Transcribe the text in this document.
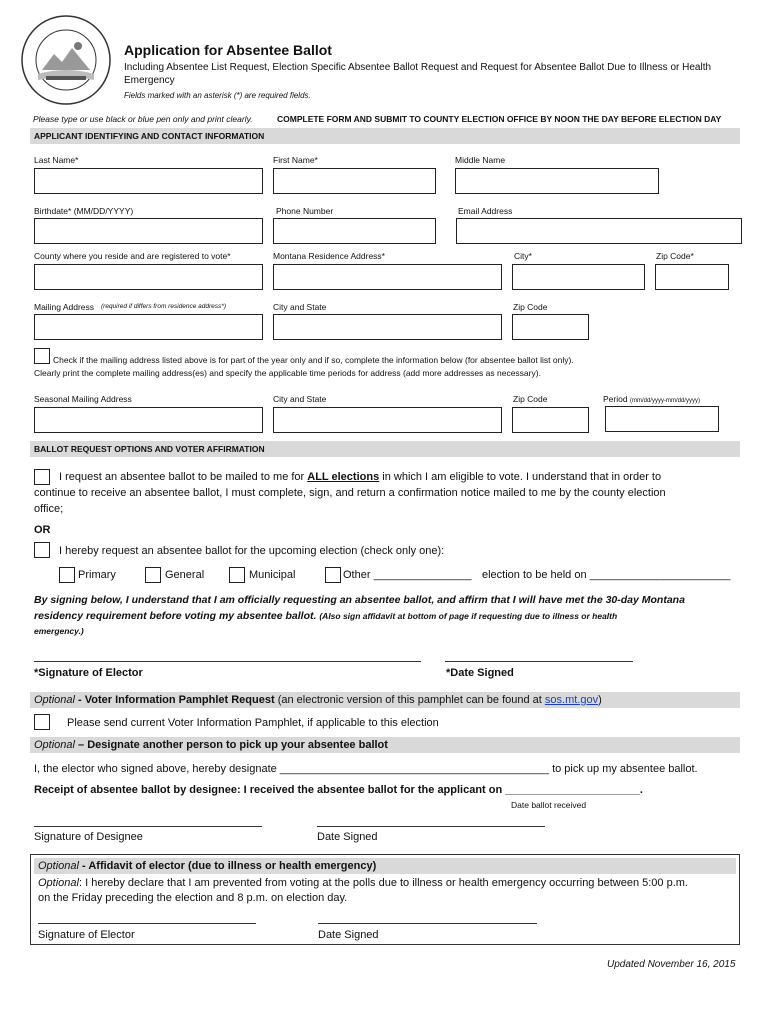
Application for Absentee Ballot
Including Absentee List Request, Election Specific Absentee Ballot Request and Request for Absentee Ballot Due to Illness or Health Emergency
Fields marked with an asterisk (*) are required fields.
Please type or use black or blue pen only and print clearly.	COMPLETE FORM AND SUBMIT TO COUNTY ELECTION OFFICE BY NOON THE DAY BEFORE ELECTION DAY
APPLICANT IDENTIFYING AND CONTACT INFORMATION
Last Name*	First Name*	Middle Name
Birthdate* (MM/DD/YYYY)	Phone Number	Email Address
County where you reside and are registered to vote*	Montana Residence Address*	City*	Zip Code*
Mailing Address (required if differs from residence address*)	City and State	Zip Code
Check if the mailing address listed above is for part of the year only and if so, complete the information below (for absentee ballot list only).
Clearly print the complete mailing address(es) and specify the applicable time periods for address (add more addresses as necessary).
Seasonal Mailing Address	City and State	Zip Code	Period (mm/dd/yyyy-mm/dd/yyyy)
BALLOT REQUEST OPTIONS AND VOTER AFFIRMATION
I request an absentee ballot to be mailed to me for ALL elections in which I am eligible to vote. I understand that in order to
continue to receive an absentee ballot, I must complete, sign, and return a confirmation notice mailed to me by the county election
office;
OR
I hereby request an absentee ballot for the upcoming election (check only one):
Primary	General	Municipal	Other ________________ election to be held on _______________________
By signing below, I understand that I am officially requesting an absentee ballot, and affirm that I will have met the 30-day Montana
residency requirement before voting my absentee ballot. (Also sign affidavit at bottom of page if requesting due to illness or health
emergency.)
*Signature of Elector	*Date Signed
Optional - Voter Information Pamphlet Request (an electronic version of this pamphlet can be found at sos.mt.gov)
Please send current Voter Information Pamphlet, if applicable to this election
Optional – Designate another person to pick up your absentee ballot
I, the elector who signed above, hereby designate ____________________________________________ to pick up my absentee ballot.
Receipt of absentee ballot by designee: I received the absentee ballot for the applicant on ______________________.
Date ballot received
Signature of Designee	Date Signed
Optional - Affidavit of elector (due to illness or health emergency)
Optional: I hereby declare that I am prevented from voting at the polls due to illness or health emergency occurring between 5:00 p.m.
on the Friday preceding the election and 8 p.m. on election day.
Signature of Elector	Date Signed
Updated November 16, 2015
